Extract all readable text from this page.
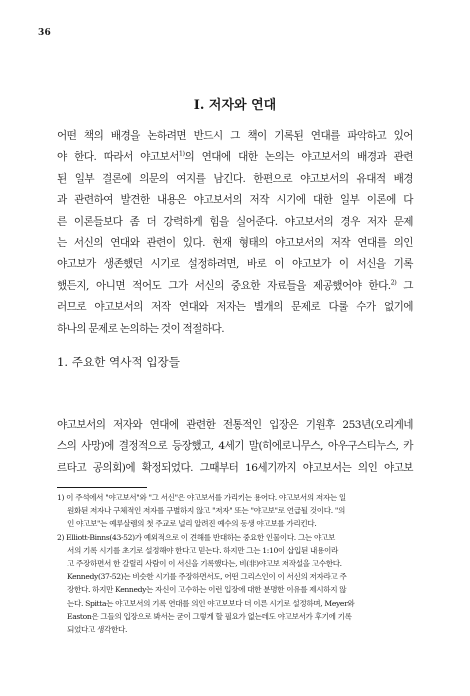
36
I. 저자와 연대
어떤 책의 배경을 논하려면 반드시 그 책이 기록된 연대를 파악하고 있어
야 한다. 따라서 야고보서$^{1)}$의 연대에 대한 논의는 야고보서의 배경과 관련
된 일부 결론에 의문의 여지를 남긴다. 한편으로 야고보서의 유대적 배경
과 관련하여 발견한 내용은 야고보서의 저작 시기에 대한 일부 이론에 다
른 이론들보다 좀 더 강력하게 힘을 실어준다. 야고보서의 경우 저자 문제
는 서신의 연대와 관련이 있다. 현재 형태의 야고보서의 저작 연대를 의인
야고보가 생존했던 시기로 설정하려면, 바로 이 야고보가 이 서신을 기록
했든지, 아니면 적어도 그가 서신의 중요한 자료들을 제공했어야 한다.$^{2)}$ 그
러므로 야고보서의 저작 연대와 저자는 별개의 문제로 다룰 수가 없기에
하나의 문제로 논의하는 것이 적절하다.
1. 주요한 역사적 입장들
야고보서의 저자와 연대에 관련한 전통적인 입장은 기원후 253년(오리게네
스의 사망)에 결정적으로 등장했고, 4세기 말(히에로니무스, 아우구스티누스, 카
르타고 공의회)에 확정되었다. 그때부터 16세기까지 야고보서는 의인 야고보
1) 이 주석에서 "야고보서"와 "그 서신"은 야고보서를 가리키는 용어다. 야고보서의 저자는 일
원화된 저자나 구체적인 저자를 구별하지 않고 "저자" 또는 "야고보"로 언급될 것이다. "의
인 야고보"는 예루살렘의 첫 주교로 널리 알려진 예수의 동생 야고보를 가리킨다.
2) Elliott-Binns(43-52)가 예외적으로 이 견해를 반대하는 중요한 인물이다. 그는 야고보
서의 기록 시기를 초기로 설정해야 한다고 믿는다. 하지만 그는 1:10이 삽입된 내용이라
고 주장하면서 한 갈릴리 사람이 이 서신을 기록했다는, 비(非)야고보 저작설을 고수한다.
Kennedy(37-52)는 비슷한 시기를 주장하면서도, 어떤 그리스인이 이 서신의 저자라고 주
장한다. 하지만 Kennedy는 자신이 고수하는 이런 입장에 대한 분명한 이유를 제시하지 않
는다. Spitta는 야고보서의 기록 연대를 의인 야고보보다 더 이른 시기로 설정하며, Meyer와
Easton은 그들의 입장으로 봐서는 굳이 그렇게 할 필요가 없는데도 야고보서가 후기에 기록
되었다고 생각한다.
